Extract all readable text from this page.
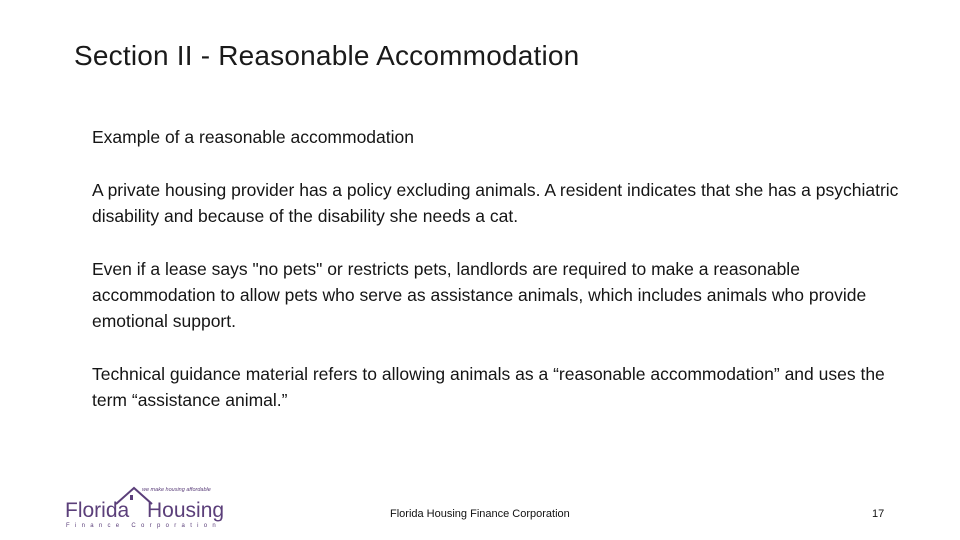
Section II - Reasonable Accommodation

Example of a reasonable accommodation

A private housing provider has a policy excluding animals. A resident indicates that she has a psychiatric disability and because of the disability she needs a cat.

Even if a lease says "no pets" or restricts pets, landlords are required to make a reasonable accommodation to allow pets who serve as assistance animals, which includes animals who provide emotional support.

Technical guidance material refers to allowing animals as a “reasonable accommodation” and uses the term “assistance animal.”

we make housing affordable
Florida Housing
Finance Corporation
Florida Housing Finance Corporation	17
